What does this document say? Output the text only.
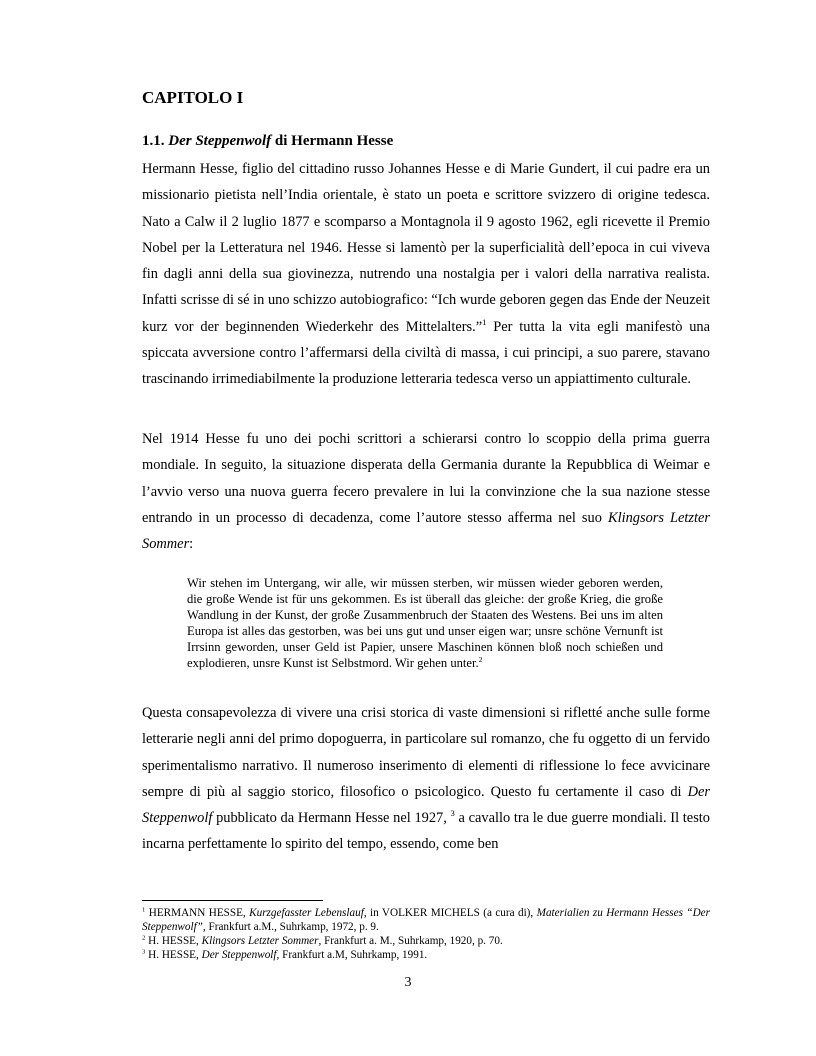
CAPITOLO I
1.1. Der Steppenwolf di Hermann Hesse

Hermann Hesse, figlio del cittadino russo Johannes Hesse e di Marie Gundert, il cui padre era un missionario pietista nell’India orientale, è stato un poeta e scrittore svizzero di origine tedesca. Nato a Calw il 2 luglio 1877 e scomparso a Montagnola il 9 agosto 1962, egli ricevette il Premio Nobel per la Letteratura nel 1946. Hesse si lamentò per la superficialità dell’epoca in cui viveva fin dagli anni della sua giovinezza, nutrendo una nostalgia per i valori della narrativa realista. Infatti scrisse di sé in uno schizzo autobiografico: “Ich wurde geboren gegen das Ende der Neuzeit kurz vor der beginnenden Wiederkehr des Mittelalters.”$^1$ Per tutta la vita egli manifestò una spiccata avversione contro l’affermarsi della civiltà di massa, i cui principi, a suo parere, stavano trascinando irrimediabilmente la produzione letteraria tedesca verso un appiattimento culturale.

Nel 1914 Hesse fu uno dei pochi scrittori a schierarsi contro lo scoppio della prima guerra mondiale. In seguito, la situazione disperata della Germania durante la Repubblica di Weimar e l’avvio verso una nuova guerra fecero prevalere in lui la convinzione che la sua nazione stesse entrando in un processo di decadenza, come l’autore stesso afferma nel suo Klingsors Letzter Sommer:

Wir stehen im Untergang, wir alle, wir müssen sterben, wir müssen wieder geboren werden, die große Wende ist für uns gekommen. Es ist überall das gleiche: der große Krieg, die große Wandlung in der Kunst, der große Zusammenbruch der Staaten des Westens. Bei uns im alten Europa ist alles das gestorben, was bei uns gut und unser eigen war; unsre schöne Vernunft ist Irrsinn geworden, unser Geld ist Papier, unsere Maschinen können bloß noch schießen und explodieren, unsre Kunst ist Selbstmord. Wir gehen unter.$^2$

Questa consapevolezza di vivere una crisi storica di vaste dimensioni si rifletté anche sulle forme letterarie negli anni del primo dopoguerra, in particolare sul romanzo, che fu oggetto di un fervido sperimentalismo narrativo. Il numeroso inserimento di elementi di riflessione lo fece avvicinare sempre di più al saggio storico, filosofico o psicologico. Questo fu certamente il caso di Der Steppenwolf pubblicato da Hermann Hesse nel 1927, $^3$ a cavallo tra le due guerre mondiali. Il testo incarna perfettamente lo spirito del tempo, essendo, come ben

$^1$ HERMANN HESSE, Kurzgefasster Lebenslauf, in VOLKER MICHELS (a cura di), Materialien zu Hermann Hesses “Der Steppenwolf”, Frankfurt a.M., Suhrkamp, 1972, p. 9.

$^2$ H. HESSE, Klingsors Letzter Sommer, Frankfurt a. M., Suhrkamp, 1920, p. 70.

$^3$ H. HESSE, Der Steppenwolf, Frankfurt a.M, Suhrkamp, 1991.

3
